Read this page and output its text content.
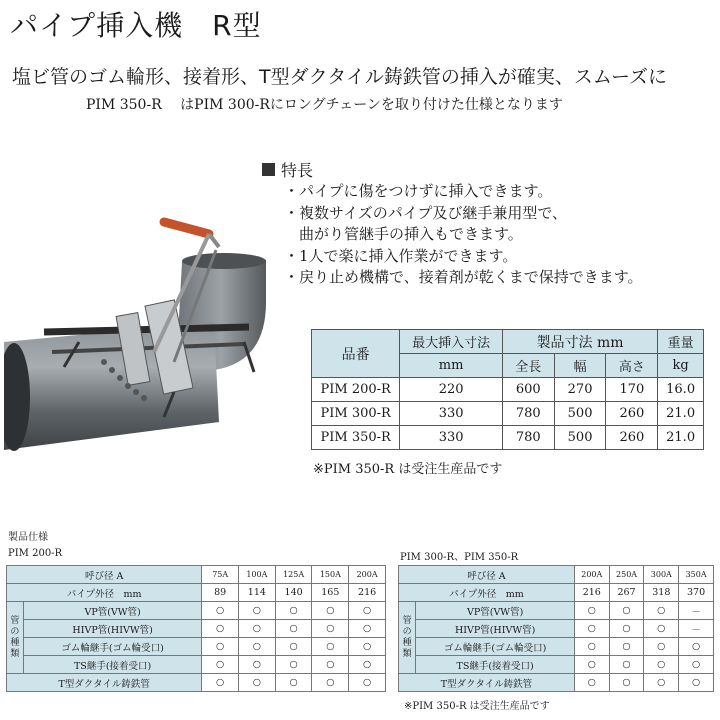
パイプ挿入機　R型
塩ビ管のゴム輪形、接着形、T型ダクタイル鋳鉄管の挿入が確実、スムーズに
PIM 350-R　 はPIM 300-Rにロングチェーンを取り付けた仕様となります
特長
・パイプに傷をつけずに挿入できます。
・複数サイズのパイプ及び継手兼用型で、
　曲がり管継手の挿入もできます。
・1人で楽に挿入作業ができます。
・戻り止め機構で、接着剤が乾くまで保持できます。
品番	最大挿入寸法	製品寸法 mm			重量
	mm	全長	幅	高さ	kg
PIM 200-R	220	600	270	170	16.0
PIM 300-R	330	780	500	260	21.0
PIM 350-R	330	780	500	260	21.0
※PIM 350-R は受注生産品です
製品仕様
PIM 200-R	PIM 300-R、PIM 350-R
呼び径 A		75A	100A	125A	150A	200A
パイプ外径　mm		89	114	140	165	216
管の種類	VP管(VW管)	○	○	○	○	○
	HIVP管(HIVW管)	○	○	○	○	○
	ゴム輪継手(ゴム輪受口)	○	○	○	○	○
	TS継手(接着受口)	○	○	○	○	○
T型ダクタイル鋳鉄管		○	○	○	○	○
呼び径 A		200A	250A	300A	350A
パイプ外径　mm		216	267	318	370
管の種類	VP管(VW管)	○	○	○	－
	HIVP管(HIVW管)	○	○	○	－
	ゴム輪継手(ゴム輪受口)	○	○	○	○
	TS継手(接着受口)	○	○	○	○
T型ダクタイル鋳鉄管		○	○	○	○
※PIM 350-R は受注生産品です
